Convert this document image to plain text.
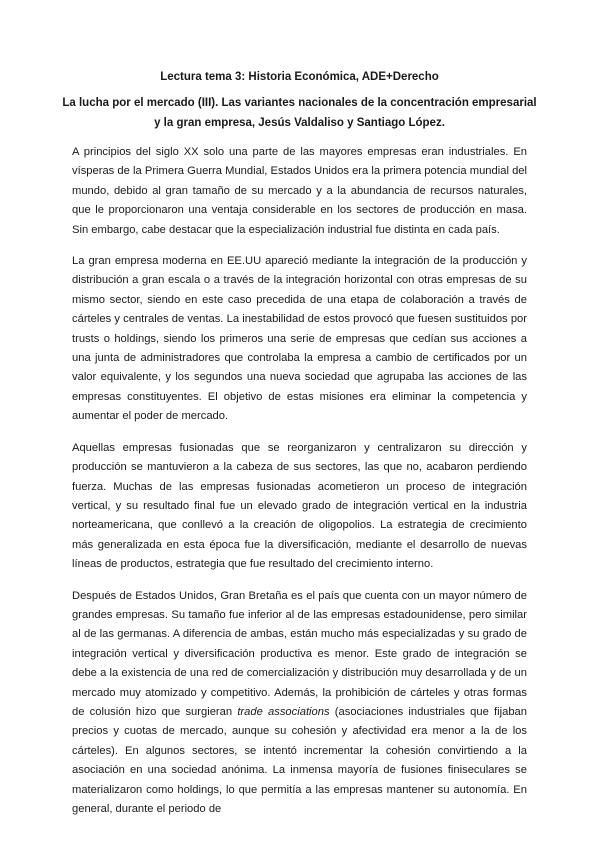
Lectura tema 3: Historia Económica, ADE+Derecho
La lucha por el mercado (III). Las variantes nacionales de la concentración empresarial y la gran empresa, Jesús Valdaliso y Santiago López.

A principios del siglo XX solo una parte de las mayores empresas eran industriales. En vísperas de la Primera Guerra Mundial, Estados Unidos era la primera potencia mundial del mundo, debido al gran tamaño de su mercado y a la abundancia de recursos naturales, que le proporcionaron una ventaja considerable en los sectores de producción en masa. Sin embargo, cabe destacar que la especialización industrial fue distinta en cada país.

La gran empresa moderna en EE.UU apareció mediante la integración de la producción y distribución a gran escala o a través de la integración horizontal con otras empresas de su mismo sector, siendo en este caso precedida de una etapa de colaboración a través de cárteles y centrales de ventas. La inestabilidad de estos provocó que fuesen sustituidos por trusts o holdings, siendo los primeros una serie de empresas que cedían sus acciones a una junta de administradores que controlaba la empresa a cambio de certificados por un valor equivalente, y los segundos una nueva sociedad que agrupaba las acciones de las empresas constituyentes. El objetivo de estas misiones era eliminar la competencia y aumentar el poder de mercado.

Aquellas empresas fusionadas que se reorganizaron y centralizaron su dirección y producción se mantuvieron a la cabeza de sus sectores, las que no, acabaron perdiendo fuerza. Muchas de las empresas fusionadas acometieron un proceso de integración vertical, y su resultado final fue un elevado grado de integración vertical en la industria norteamericana, que conllevó a la creación de oligopolios. La estrategia de crecimiento más generalizada en esta época fue la diversificación, mediante el desarrollo de nuevas líneas de productos, estrategia que fue resultado del crecimiento interno.

Después de Estados Unidos, Gran Bretaña es el país que cuenta con un mayor número de grandes empresas. Su tamaño fue inferior al de las empresas estadounidense, pero similar al de las germanas. A diferencia de ambas, están mucho más especializadas y su grado de integración vertical y diversificación productiva es menor. Este grado de integración se debe a la existencia de una red de comercialización y distribución muy desarrollada y de un mercado muy atomizado y competitivo. Además, la prohibición de cárteles y otras formas de colusión hizo que surgieran trade associations (asociaciones industriales que fijaban precios y cuotas de mercado, aunque su cohesión y afectividad era menor a la de los cárteles). En algunos sectores, se intentó incrementar la cohesión convirtiendo a la asociación en una sociedad anónima. La inmensa mayoría de fusiones finiseculares se materializaron como holdings, lo que permitía a las empresas mantener su autonomía. En general, durante el periodo de
